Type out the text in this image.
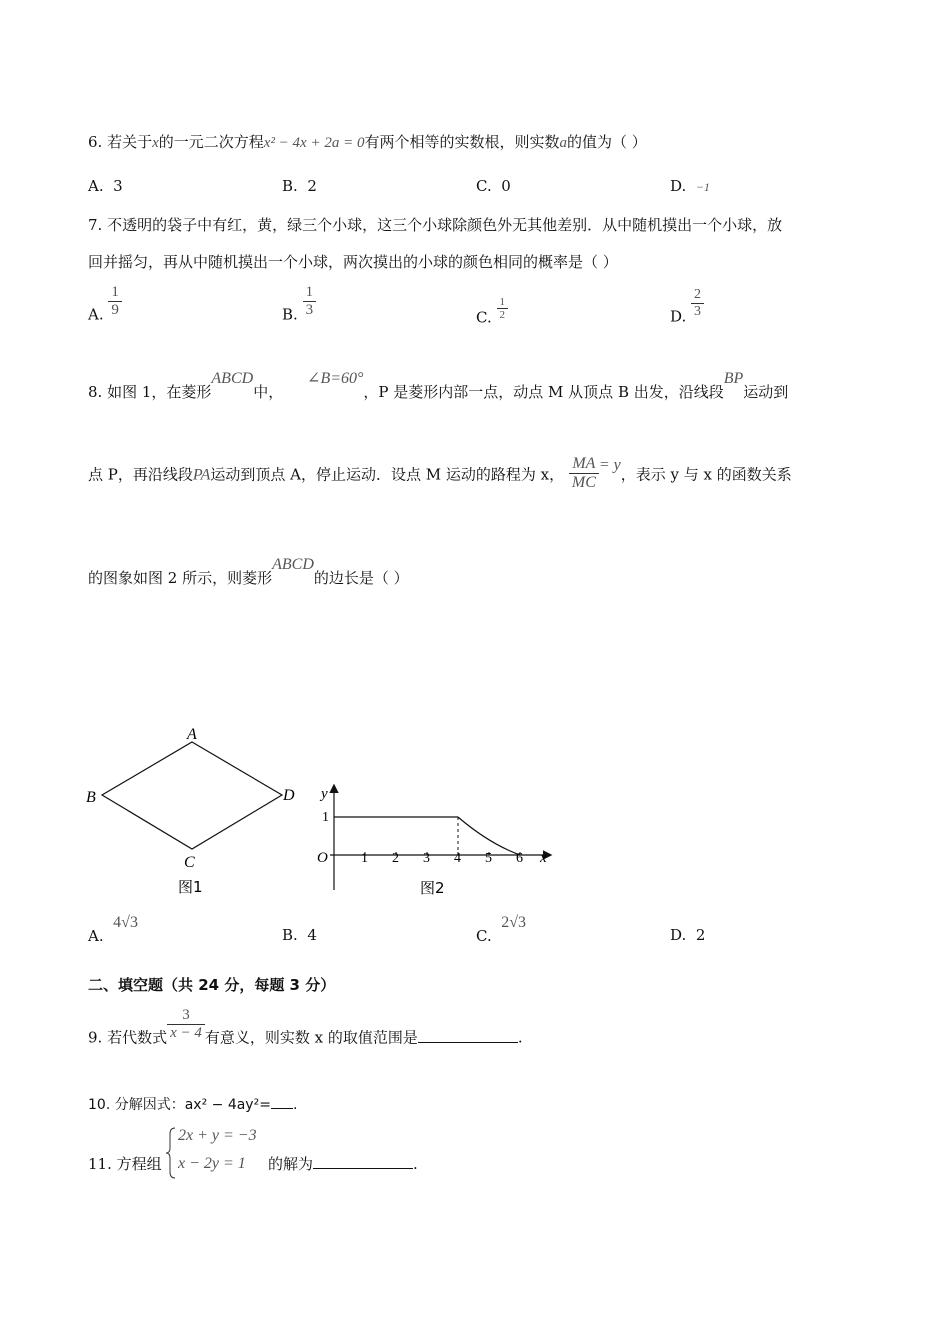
6. 若关于x的一元二次方程x² − 4x + 2a = 0有两个相等的实数根，则实数a的值为（ ）
A. 3	B. 2	C. 0	D. −1
7. 不透明的袋子中有红，黄，绿三个小球，这三个小球除颜色外无其他差别．从中随机摸出一个小球，放
回并摇匀，再从中随机摸出一个小球，两次摸出的小球的颜色相同的概率是（ ）
A. $\frac{1}{9}$	B. $\frac{1}{3}$	C. $\frac{1}{2}$	D. $\frac{2}{3}$
8. 如图 1，在菱形ABCD中，     ∠B=60°，P 是菱形内部一点，动点 M 从顶点 B 出发，沿线段BP运动到
点 P，再沿线段PA运动到顶点 A，停止运动．设点 M 运动的路程为 x， $\frac{MA}{MC} = y$，表示 y 与 x 的函数关系
的图象如图 2 所示，则菱形ABCD的边长是（ ）
A
B
C
D
图1
y
x
O
1
1 2 3 4 5 6
图2
A.  4√3
B. 4	C.  2√3
D. 2
二、填空题（共 24 分，每题 3 分）
9. 若代数式 $\frac{3}{x - 4}$ 有意义，则实数 x 的取值范围是	.
10. 分解因式：ax² − 4ay²= .
11. 方程组
2x + y = −3
x − 2y = 1 的解为	.
